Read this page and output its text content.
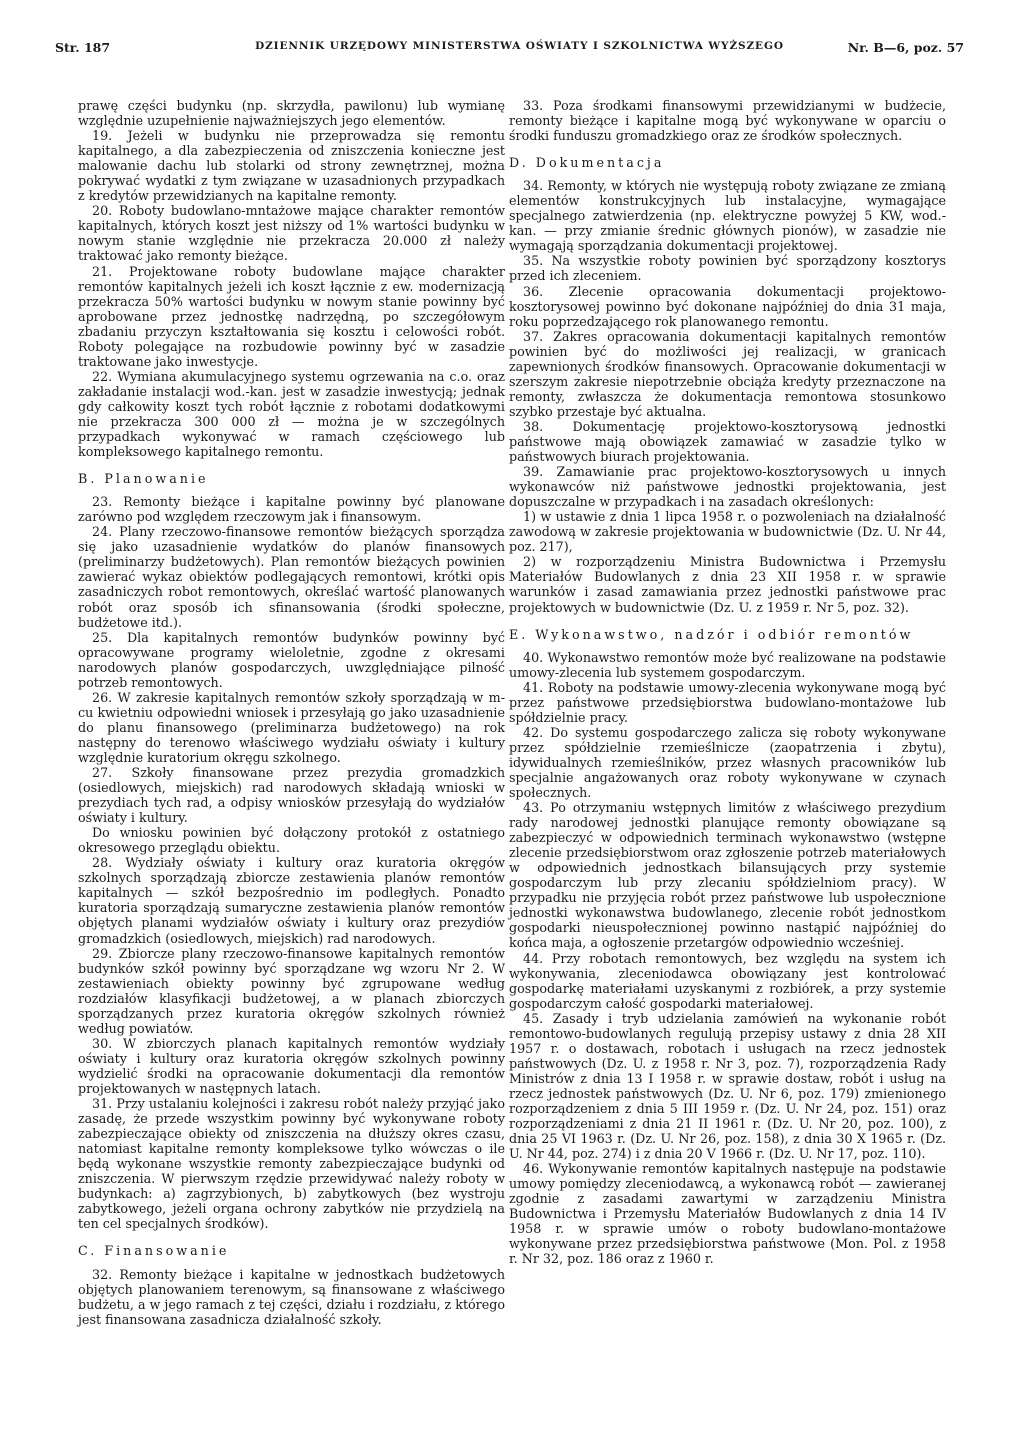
Str. 187	DZIENNIK URZĘDOWY MINISTERSTWA OŚWIATY I SZKOLNICTWA WYŻSZEGO	Nr. B—6, poz. 57

prawę części budynku (np. skrzydła, pawilonu) lub wymianę względnie uzupełnienie najważniejszych jego elementów.

19. Jeżeli w budynku nie przeprowadza się remontu kapitalnego, a dla zabezpieczenia od zniszczenia konieczne jest malowanie dachu lub stolarki od strony zewnętrznej, można pokrywać wydatki z tym związane w uzasadnionych przypadkach z kredytów przewidzianych na kapitalne remonty.

20. Roboty budowlano-mntażowe mające charakter remontów kapitalnych, których koszt jest niższy od 1% wartości budynku w nowym stanie względnie nie przekracza 20.000 zł należy traktować jako remonty bieżące.

21. Projektowane roboty budowlane mające charakter remontów kapitalnych jeżeli ich koszt łącznie z ew. modernizacją przekracza 50% wartości budynku w nowym stanie powinny być aprobowane przez jednostkę nadrzędną, po szczegółowym zbadaniu przyczyn kształtowania się kosztu i celowości robót. Roboty polegające na rozbudowie powinny być w zasadzie traktowane jako inwestycje.

22. Wymiana akumulacyjnego systemu ogrzewania na c.o. oraz zakładanie instalacji wod.-kan. jest w zasadzie inwestycją; jednak gdy całkowity koszt tych robót łącznie z robotami dodatkowymi nie przekracza 300 000 zł — można je w szczególnych przypadkach wykonywać w ramach częściowego lub kompleksowego kapitalnego remontu.

B. Planowanie

23. Remonty bieżące i kapitalne powinny być planowane zarówno pod względem rzeczowym jak i finansowym.

24. Plany rzeczowo-finansowe remontów bieżących sporządza się jako uzasadnienie wydatków do planów finansowych (preliminarzy budżetowych). Plan remontów bieżących powinien zawierać wykaz obiektów podlegających remontowi, krótki opis zasadniczych robot remontowych, określać wartość planowanych robót oraz sposób ich sfinansowania (środki społeczne, budżetowe itd.).

25. Dla kapitalnych remontów budynków powinny być opracowywane programy wieloletnie, zgodne z okresami narodowych planów gospodarczych, uwzględniające pilność potrzeb remontowych.

26. W zakresie kapitalnych remontów szkoły sporządzają w m-cu kwietniu odpowiedni wniosek i przesyłają go jako uzasadnienie do planu finansowego (preliminarza budżetowego) na rok następny do terenowo właściwego wydziału oświaty i kultury względnie kuratorium okręgu szkolnego.

27. Szkoły finansowane przez prezydia gromadzkich (osiedlowych, miejskich) rad narodowych składają wnioski w prezydiach tych rad, a odpisy wniosków przesyłają do wydziałów oświaty i kultury.

Do wniosku powinien być dołączony protokół z ostatniego okresowego przeglądu obiektu.

28. Wydziały oświaty i kultury oraz kuratoria okręgów szkolnych sporządzają zbiorcze zestawienia planów remontów kapitalnych — szkół bezpośrednio im podległych. Ponadto kuratoria sporządzają sumaryczne zestawienia planów remontów objętych planami wydziałów oświaty i kultury oraz prezydiów gromadzkich (osiedlowych, miejskich) rad narodowych.

29. Zbiorcze plany rzeczowo-finansowe kapitalnych remontów budynków szkół powinny być sporządzane wg wzoru Nr 2. W zestawieniach obiekty powinny być zgrupowane według rozdziałów klasyfikacji budżetowej, a w planach zbiorczych sporządzanych przez kuratoria okręgów szkolnych również według powiatów.

30. W zbiorczych planach kapitalnych remontów wydziały oświaty i kultury oraz kuratoria okręgów szkolnych powinny wydzielić środki na opracowanie dokumentacji dla remontów projektowanych w następnych latach.

31. Przy ustalaniu kolejności i zakresu robót należy przyjąć jako zasadę, że przede wszystkim powinny być wykonywane roboty zabezpieczające obiekty od zniszczenia na dłuższy okres czasu, natomiast kapitalne remonty kompleksowe tylko wówczas o ile będą wykonane wszystkie remonty zabezpieczające budynki od zniszczenia. W pierwszym rzędzie przewidywać należy roboty w budynkach: a) zagrzybionych, b) zabytkowych (bez wystroju zabytkowego, jeżeli organa ochrony zabytków nie przydzielą na ten cel specjalnych środków).

C. Finansowanie

32. Remonty bieżące i kapitalne w jednostkach budżetowych objętych planowaniem terenowym, są finansowane z właściwego budżetu, a w jego ramach z tej części, działu i rozdziału, z którego jest finansowana zasadnicza działalność szkoły.

33. Poza środkami finansowymi przewidzianymi w budżecie, remonty bieżące i kapitalne mogą być wykonywane w oparciu o środki funduszu gromadzkiego oraz ze środków społecznych.

D. Dokumentacja

34. Remonty, w których nie występują roboty związane ze zmianą elementów konstrukcyjnych lub instalacyjne, wymagające specjalnego zatwierdzenia (np. elektryczne powyżej 5 KW, wod.-kan. — przy zmianie średnic głównych pionów), w zasadzie nie wymagają sporządzania dokumentacji projektowej.

35. Na wszystkie roboty powinien być sporządzony kosztorys przed ich zleceniem.

36. Zlecenie opracowania dokumentacji projektowo-kosztorysowej powinno być dokonane najpóźniej do dnia 31 maja, roku poprzedzającego rok planowanego remontu.

37. Zakres opracowania dokumentacji kapitalnych remontów powinien być do możliwości jej realizacji, w granicach zapewnionych środków finansowych. Opracowanie dokumentacji w szerszym zakresie niepotrzebnie obciąża kredyty przeznaczone na remonty, zwłaszcza że dokumentacja remontowa stosunkowo szybko przestaje być aktualna.

38. Dokumentację projektowo-kosztorysową jednostki państwowe mają obowiązek zamawiać w zasadzie tylko w państwowych biurach projektowania.

39. Zamawianie prac projektowo-kosztorysowych u innych wykonawców niż państwowe jednostki projektowania, jest dopuszczalne w przypadkach i na zasadach określonych:

1) w ustawie z dnia 1 lipca 1958 r. o pozwoleniach na działalność zawodową w zakresie projektowania w budownictwie (Dz. U. Nr 44, poz. 217),

2) w rozporządzeniu Ministra Budownictwa i Przemysłu Materiałów Budowlanych z dnia 23 XII 1958 r. w sprawie warunków i zasad zamawiania przez jednostki państwowe prac projektowych w budownictwie (Dz. U. z 1959 r. Nr 5, poz. 32).

E. Wykonawstwo, nadzór i odbiór remontów

40. Wykonawstwo remontów może być realizowane na podstawie umowy-zlecenia lub systemem gospodarczym.

41. Roboty na podstawie umowy-zlecenia wykonywane mogą być przez państwowe przedsiębiorstwa budowlano-montażowe lub spółdzielnie pracy.

42. Do systemu gospodarczego zalicza się roboty wykonywane przez spółdzielnie rzemieślnicze (zaopatrzenia i zbytu), idywidualnych rzemieślników, przez własnych pracowników lub specjalnie angażowanych oraz roboty wykonywane w czynach społecznych.

43. Po otrzymaniu wstępnych limitów z właściwego prezydium rady narodowej jednostki planujące remonty obowiązane są zabezpieczyć w odpowiednich terminach wykonawstwo (wstępne zlecenie przedsiębiorstwom oraz zgłoszenie potrzeb materiałowych w odpowiednich jednostkach bilansujących przy systemie gospodarczym lub przy zlecaniu spółdzielniom pracy). W przypadku nie przyjęcia robót przez państwowe lub uspołecznione jednostki wykonawstwa budowlanego, zlecenie robót jednostkom gospodarki nieuspołecznionej powinno nastąpić najpóźniej do końca maja, a ogłoszenie przetargów odpowiednio wcześniej.

44. Przy robotach remontowych, bez względu na system ich wykonywania, zleceniodawca obowiązany jest kontrolować gospodarkę materiałami uzyskanymi z rozbiórek, a przy systemie gospodarczym całość gospodarki materiałowej.

45. Zasady i tryb udzielania zamówień na wykonanie robót remontowo-budowlanych regulują przepisy ustawy z dnia 28 XII 1957 r. o dostawach, robotach i usługach na rzecz jednostek państwowych (Dz. U. z 1958 r. Nr 3, poz. 7), rozporządzenia Rady Ministrów z dnia 13 I 1958 r. w sprawie dostaw, robót i usług na rzecz jednostek państwowych (Dz. U. Nr 6, poz. 179) zmienionego rozporządzeniem z dnia 5 III 1959 r. (Dz. U. Nr 24, poz. 151) oraz rozporządzeniami z dnia 21 II 1961 r. (Dz. U. Nr 20, poz. 100), z dnia 25 VI 1963 r. (Dz. U. Nr 26, poz. 158), z dnia 30 X 1965 r. (Dz. U. Nr 44, poz. 274) i z dnia 20 V 1966 r. (Dz. U. Nr 17, poz. 110).

46. Wykonywanie remontów kapitalnych następuje na podstawie umowy pomiędzy zleceniodawcą, a wykonawcą robót — zawieranej zgodnie z zasadami zawartymi w zarządzeniu Ministra Budownictwa i Przemysłu Materiałów Budowlanych z dnia 14 IV 1958 r. w sprawie umów o roboty budowlano-montażowe wykonywane przez przedsiębiorstwa państwowe (Mon. Pol. z 1958 r. Nr 32, poz. 186 oraz z 1960 r.
